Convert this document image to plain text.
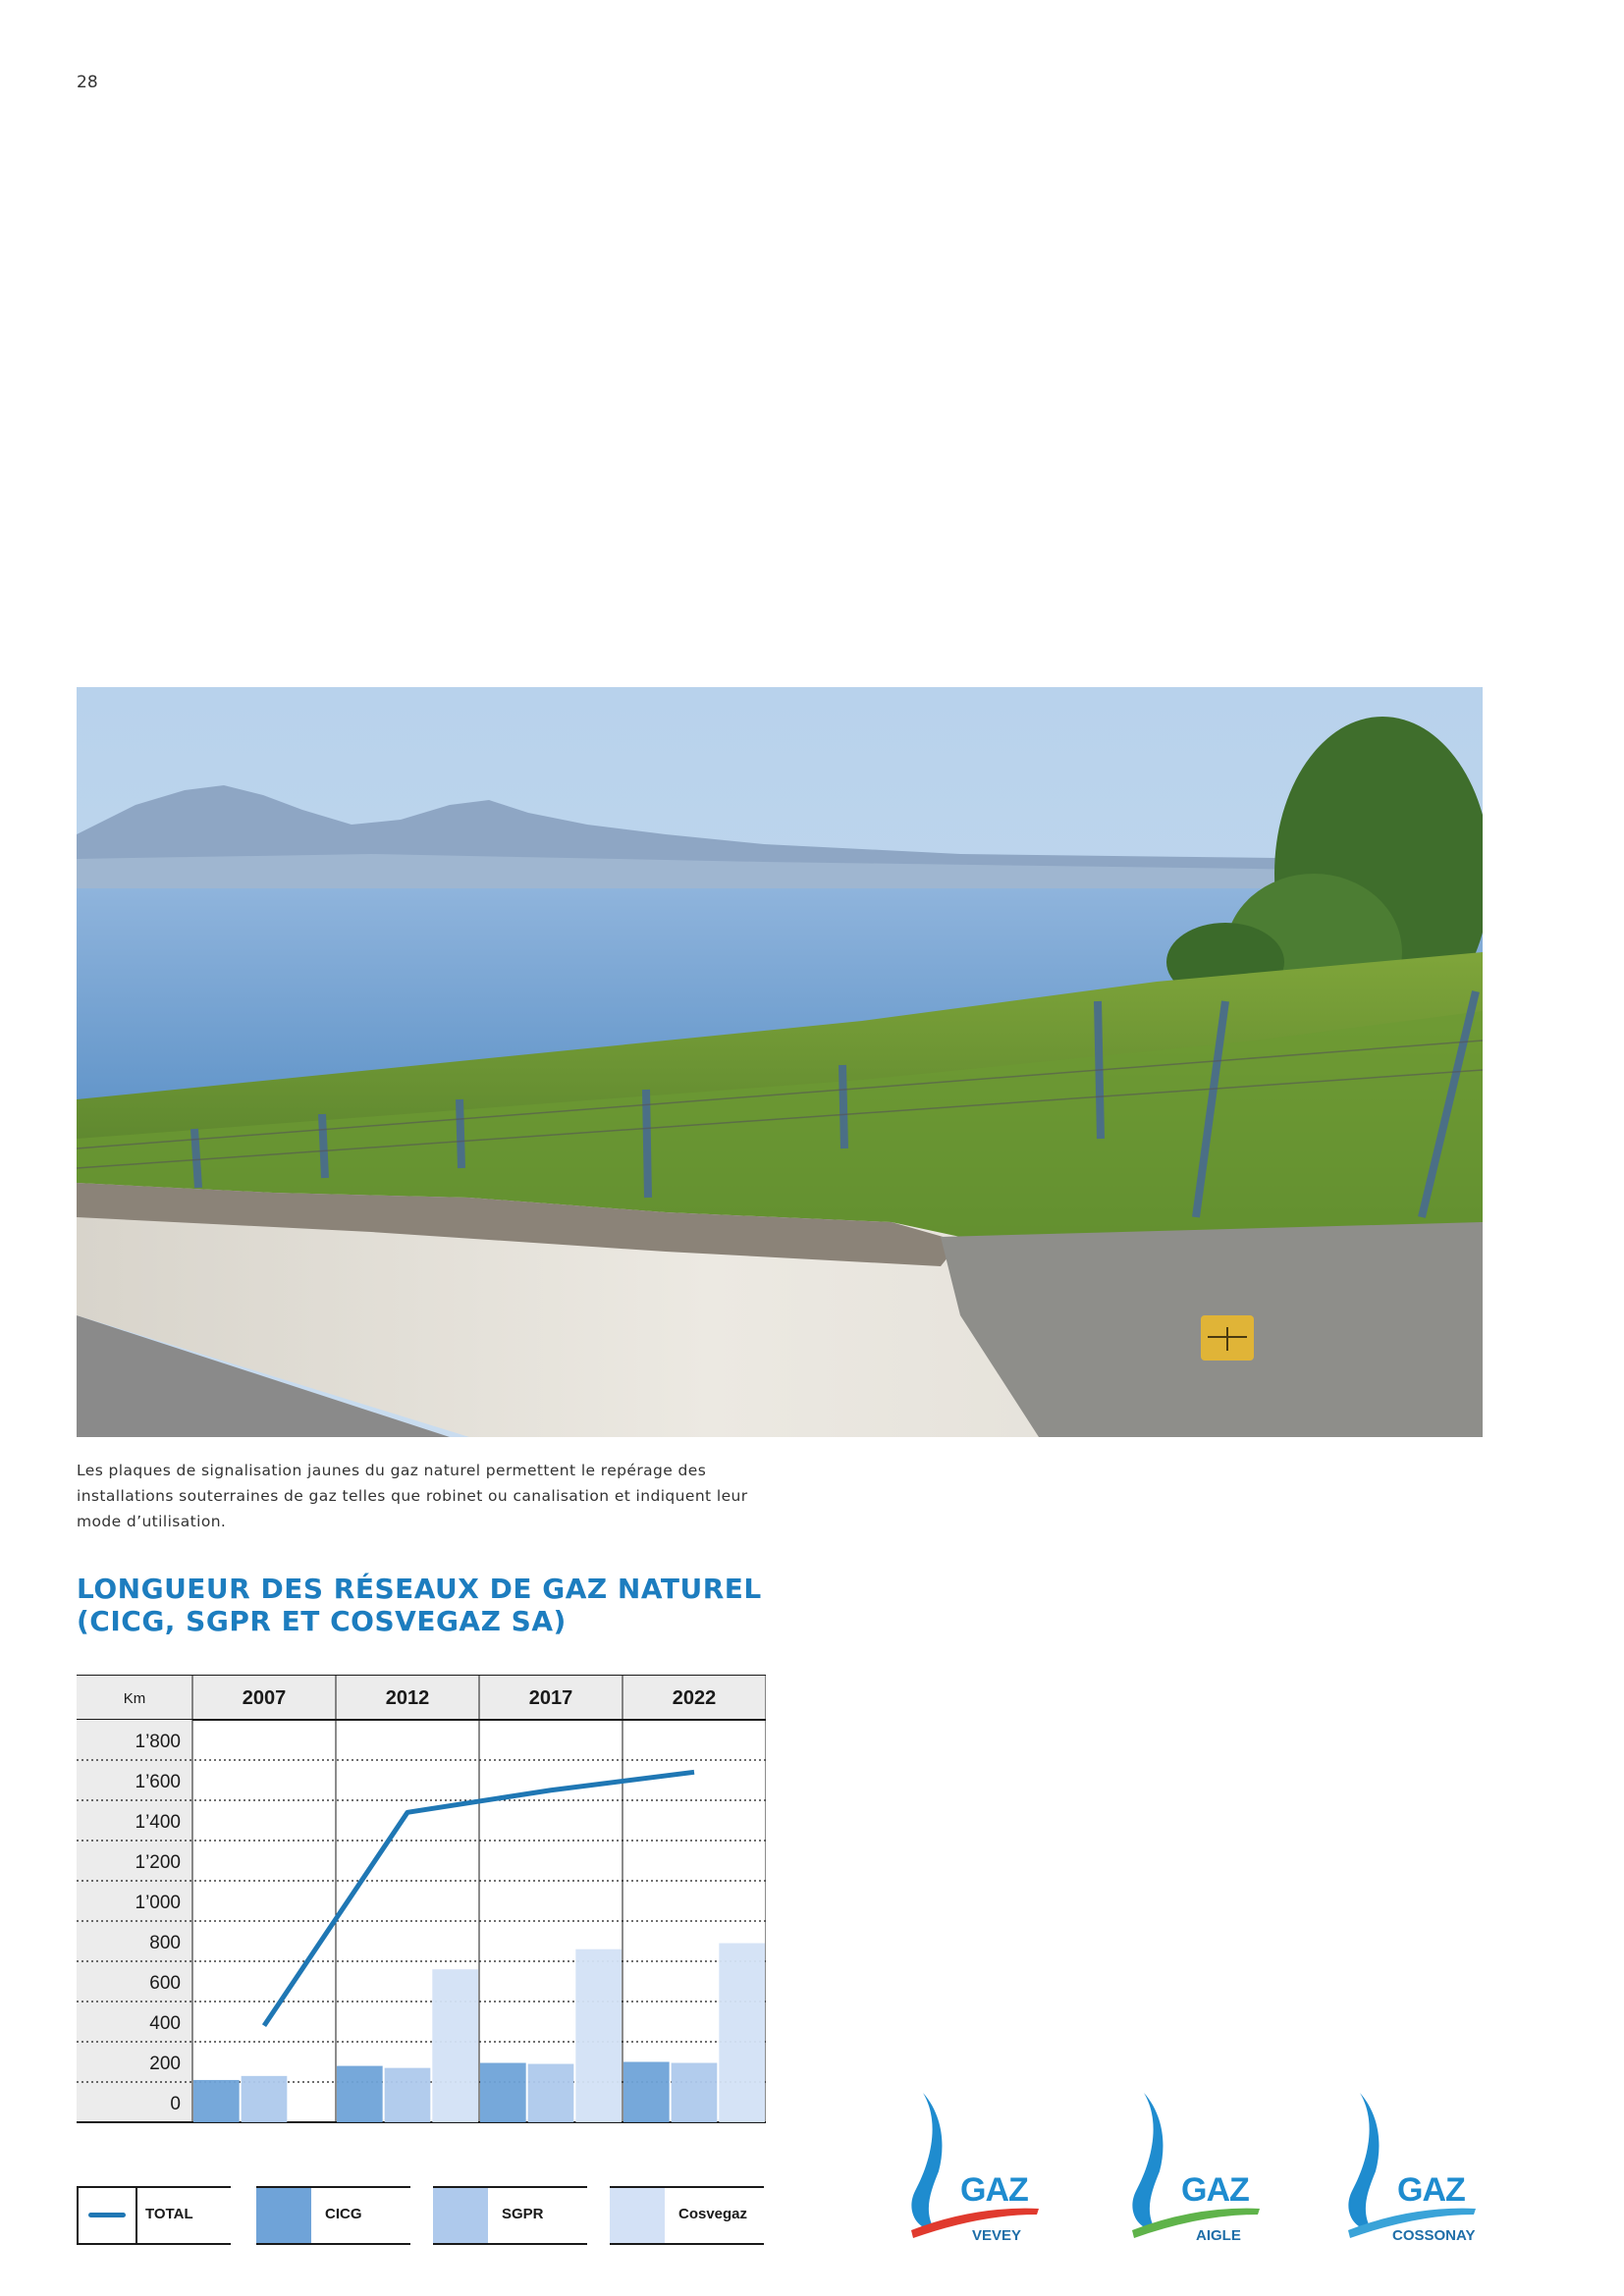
28
Les plaques de signalisation jaunes du gaz naturel permettent le repérage des installations souterraines de gaz telles que robinet ou canalisation et indiquent leur mode d’utilisation.
LONGUEUR DES RÉSEAUX DE GAZ NATUREL
(CICG, SGPR ET COSVEGAZ SA)
Km	2007	2012	2017	2022
1’800
1’600
1’400
1’200
1’000
800
600
400
200
0
TOTAL	CICG	SGPR	Cosvegaz
GAZ
VEVEY
GAZ
AIGLE
GAZ
COSSONAY
